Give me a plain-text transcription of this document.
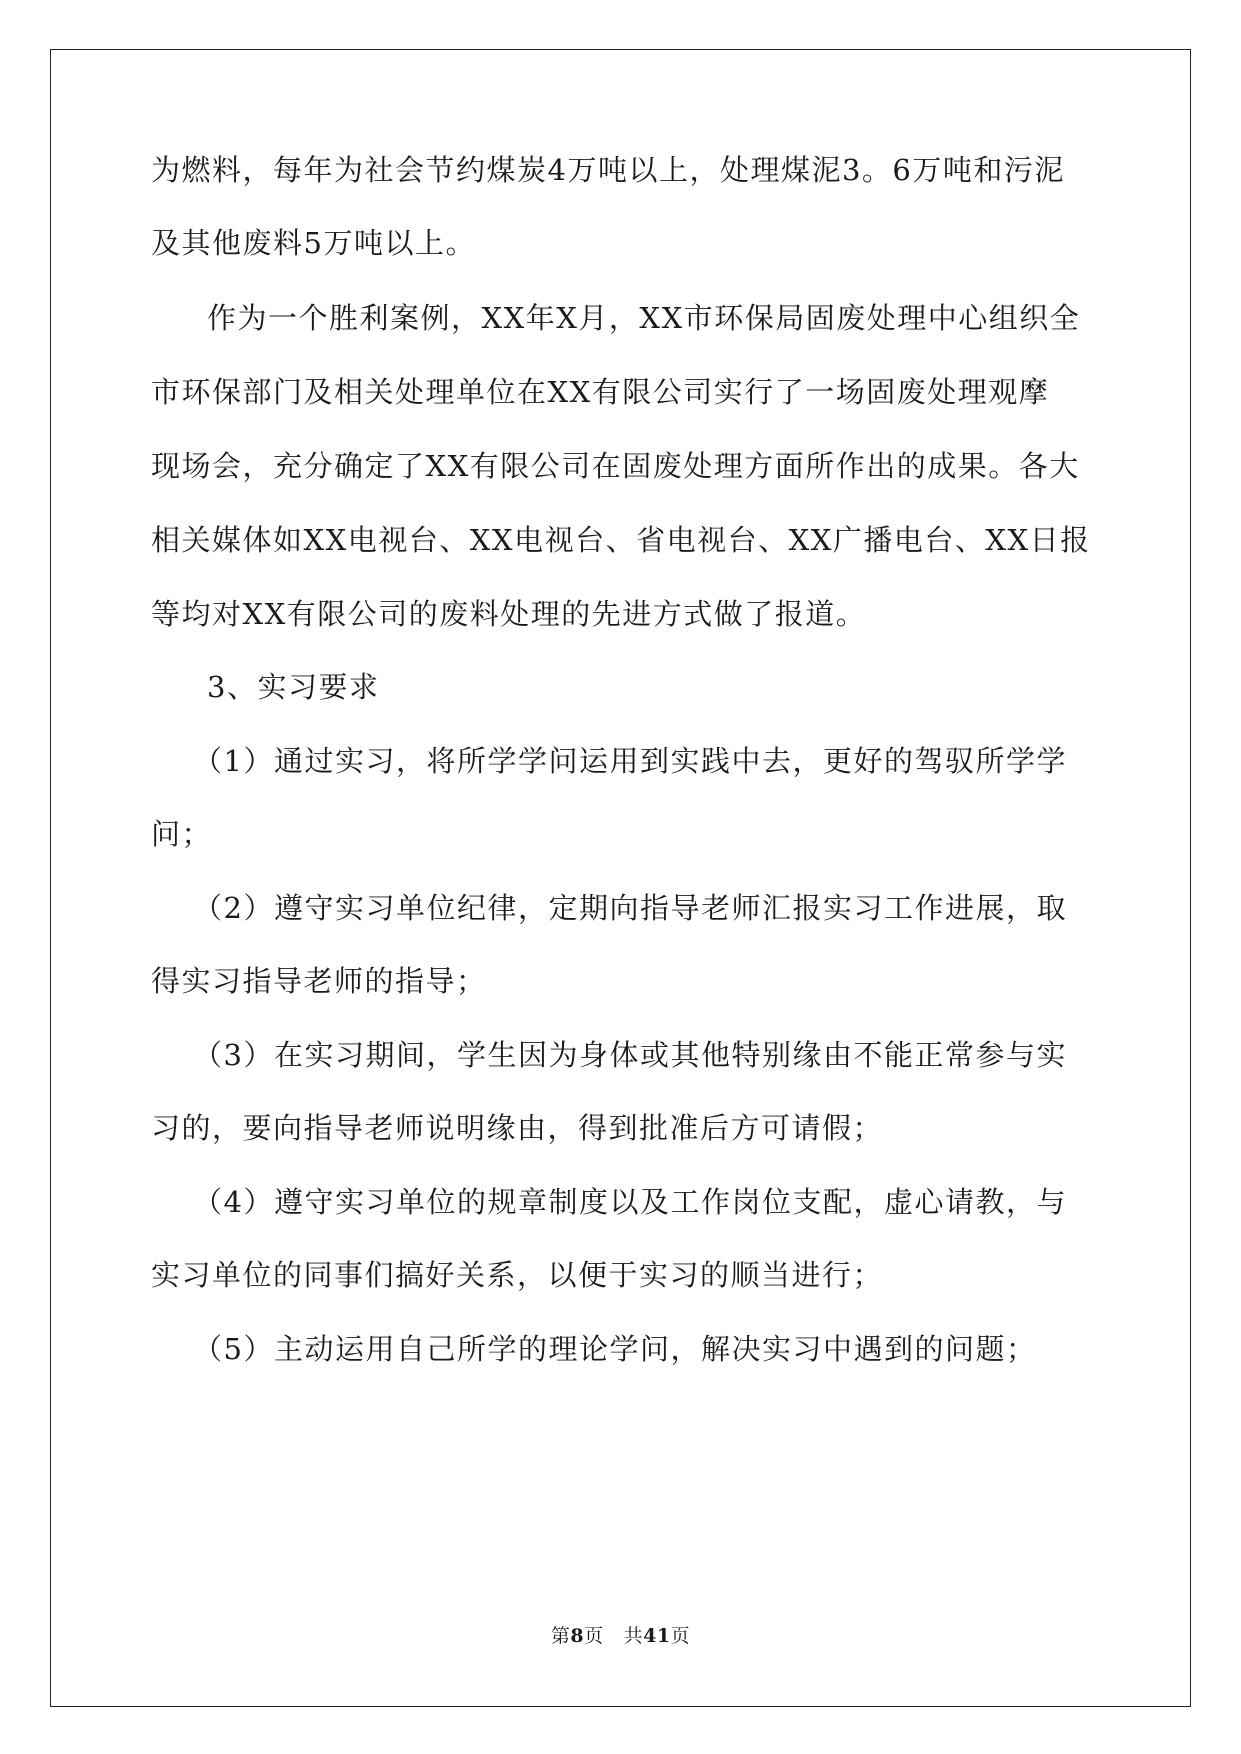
为燃料，每年为社会节约煤炭4万吨以上，处理煤泥3。6万吨和污泥
及其他废料5万吨以上。
作为一个胜利案例，XX年X月，XX市环保局固废处理中心组织全
市环保部门及相关处理单位在XX有限公司实行了一场固废处理观摩
现场会，充分确定了XX有限公司在固废处理方面所作出的成果。各大
相关媒体如XX电视台、XX电视台、省电视台、XX广播电台、XX日报
等均对XX有限公司的废料处理的先进方式做了报道。
3、实习要求
（1）通过实习，将所学学问运用到实践中去，更好的驾驭所学学
问；
（2）遵守实习单位纪律，定期向指导老师汇报实习工作进展，取
得实习指导老师的指导；
（3）在实习期间，学生因为身体或其他特别缘由不能正常参与实
习的，要向指导老师说明缘由，得到批准后方可请假；
（4）遵守实习单位的规章制度以及工作岗位支配，虚心请教，与
实习单位的同事们搞好关系，以便于实习的顺当进行；
（5）主动运用自己所学的理论学问，解决实习中遇到的问题；
第8页 共41页
